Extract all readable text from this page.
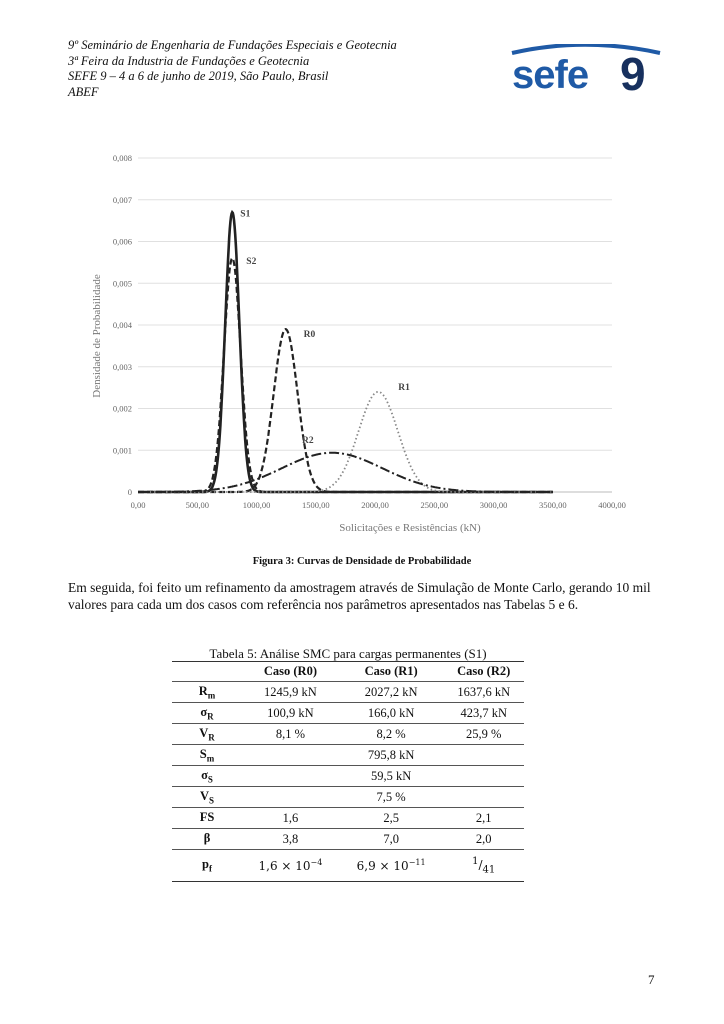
9º Seminário de Engenharia de Fundações Especiais e Geotecnia
3ª Feira da Industria de Fundações e Geotecnia
SEFE 9 – 4 a 6 de junho de 2019, São Paulo, Brasil
ABEF	sefe 9
0
0,001
0,002
0,003
0,004
0,005
0,006
0,007
0,008
0,00	500,00	1000,00	1500,00	2000,00	2500,00	3000,00	3500,00	4000,00
S1
S2
R0
R1
R2
Densidade de Probabilidade
Solicitações e Resistências (kN)
Figura 3: Curvas de Densidade de Probabilidade
Em seguida, foi feito um refinamento da amostragem através de Simulação de Monte Carlo, gerando 10 mil valores para cada um dos casos com referência nos parâmetros apresentados nas Tabelas 5 e 6.
Tabela 5: Análise SMC para cargas permanentes (S1)
	Caso (R0)	Caso (R1)	Caso (R2)
$R_m$	1245,9 kN	2027,2 kN	1637,6 kN
$\sigma_R$	100,9 kN	166,0 kN	423,7 kN
$V_R$	8,1 %	8,2 %	25,9 %
$S_m$		795,8 kN	
$\sigma_S$		59,5 kN	
$V_S$		7,5 %	
FS	1,6	2,5	2,1
β	3,8	7,0	2,0
$p_f$	$1,6 \times 10^{-4}$	$6,9 \times 10^{-11}$	$^1/_{41}$
7
